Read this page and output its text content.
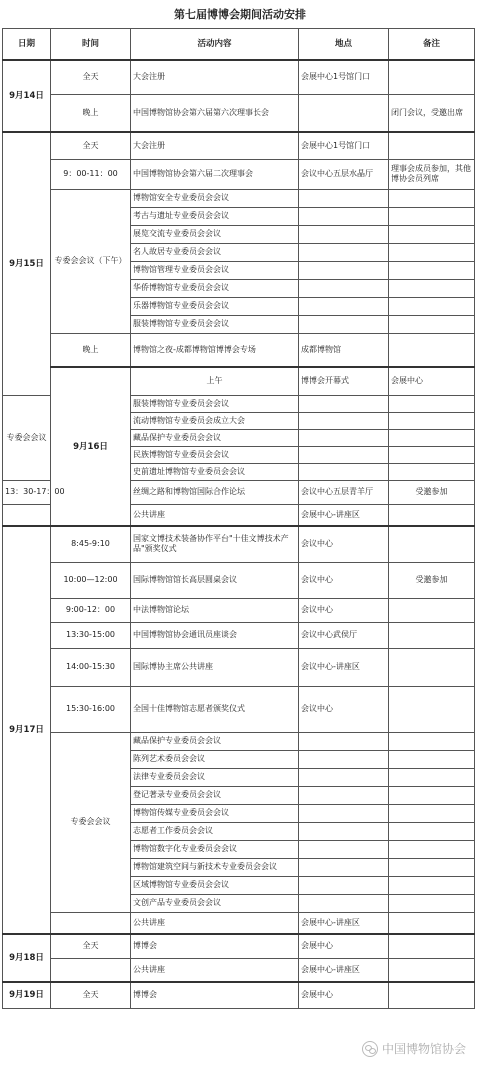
第七届博博会期间活动安排
日期	时间	活动内容	地点	备注	
9月14日	全天	大会注册	会展中心1号馆门口		
	晚上	中国博物馆协会第六届第六次理事长会		闭门会议，受邀出席	
9月15日	全天	大会注册	会展中心1号馆门口		
	9：00-11：00	中国博物馆协会第六届二次理事会	会议中心五层水晶厅	理事会成员参加，其他博协会员列席	
	专委会会议（下午）	博物馆安全专业委员会会议			
		考古与遗址专业委员会会议			
		展览交流专业委员会会议			
		名人故居专业委员会会议			
		博物馆管理专业委员会会议			
		华侨博物馆专业委员会会议			
		乐器博物馆专业委员会会议			
		服装博物馆专业委员会会议			
	晚上	博物馆之夜-成都博物馆博博会专场	成都博物馆		
	9月16日	上午	博博会开幕式	会展中心	
专委会会议		服装博物馆专业委员会会议			
		流动博物馆专业委员会成立大会			
		藏品保护专业委员会会议			
		民族博物馆专业委员会会议			
		史前遗址博物馆专业委员会会议			
13：30-17：00		丝绸之路和博物馆国际合作论坛	会议中心五层青羊厅	受邀参加	
		公共讲座	会展中心-讲座区		
9月17日	8:45-9:10	国家文博技术装备协作平台"十佳文博技术产品"颁奖仪式	会议中心		
	10:00—12:00	国际博物馆馆长高层圆桌会议	会议中心	受邀参加	
	9:00-12：00	中法博物馆论坛	会议中心		
	13:30-15:00	中国博物馆协会通讯员座谈会	会议中心武侯厅		
	14:00-15:30	国际博协主席公共讲座	会议中心-讲座区		
	15:30-16:00	全国十佳博物馆志愿者颁奖仪式	会议中心		
	专委会会议	藏品保护专业委员会会议			
		陈列艺术委员会会议			
		法律专业委员会会议			
		登记著录专业委员会会议			
		博物馆传媒专业委员会会议			
		志愿者工作委员会会议			
		博物馆数字化专业委员会会议			
		博物馆建筑空间与新技术专业委员会会议			
		区域博物馆专业委员会会议			
		文创产品专业委员会会议			
		公共讲座	会展中心-讲座区		
9月18日	全天	博博会	会展中心		
		公共讲座	会展中心-讲座区		
9月19日	全天	博博会	会展中心		
中国博物馆协会
